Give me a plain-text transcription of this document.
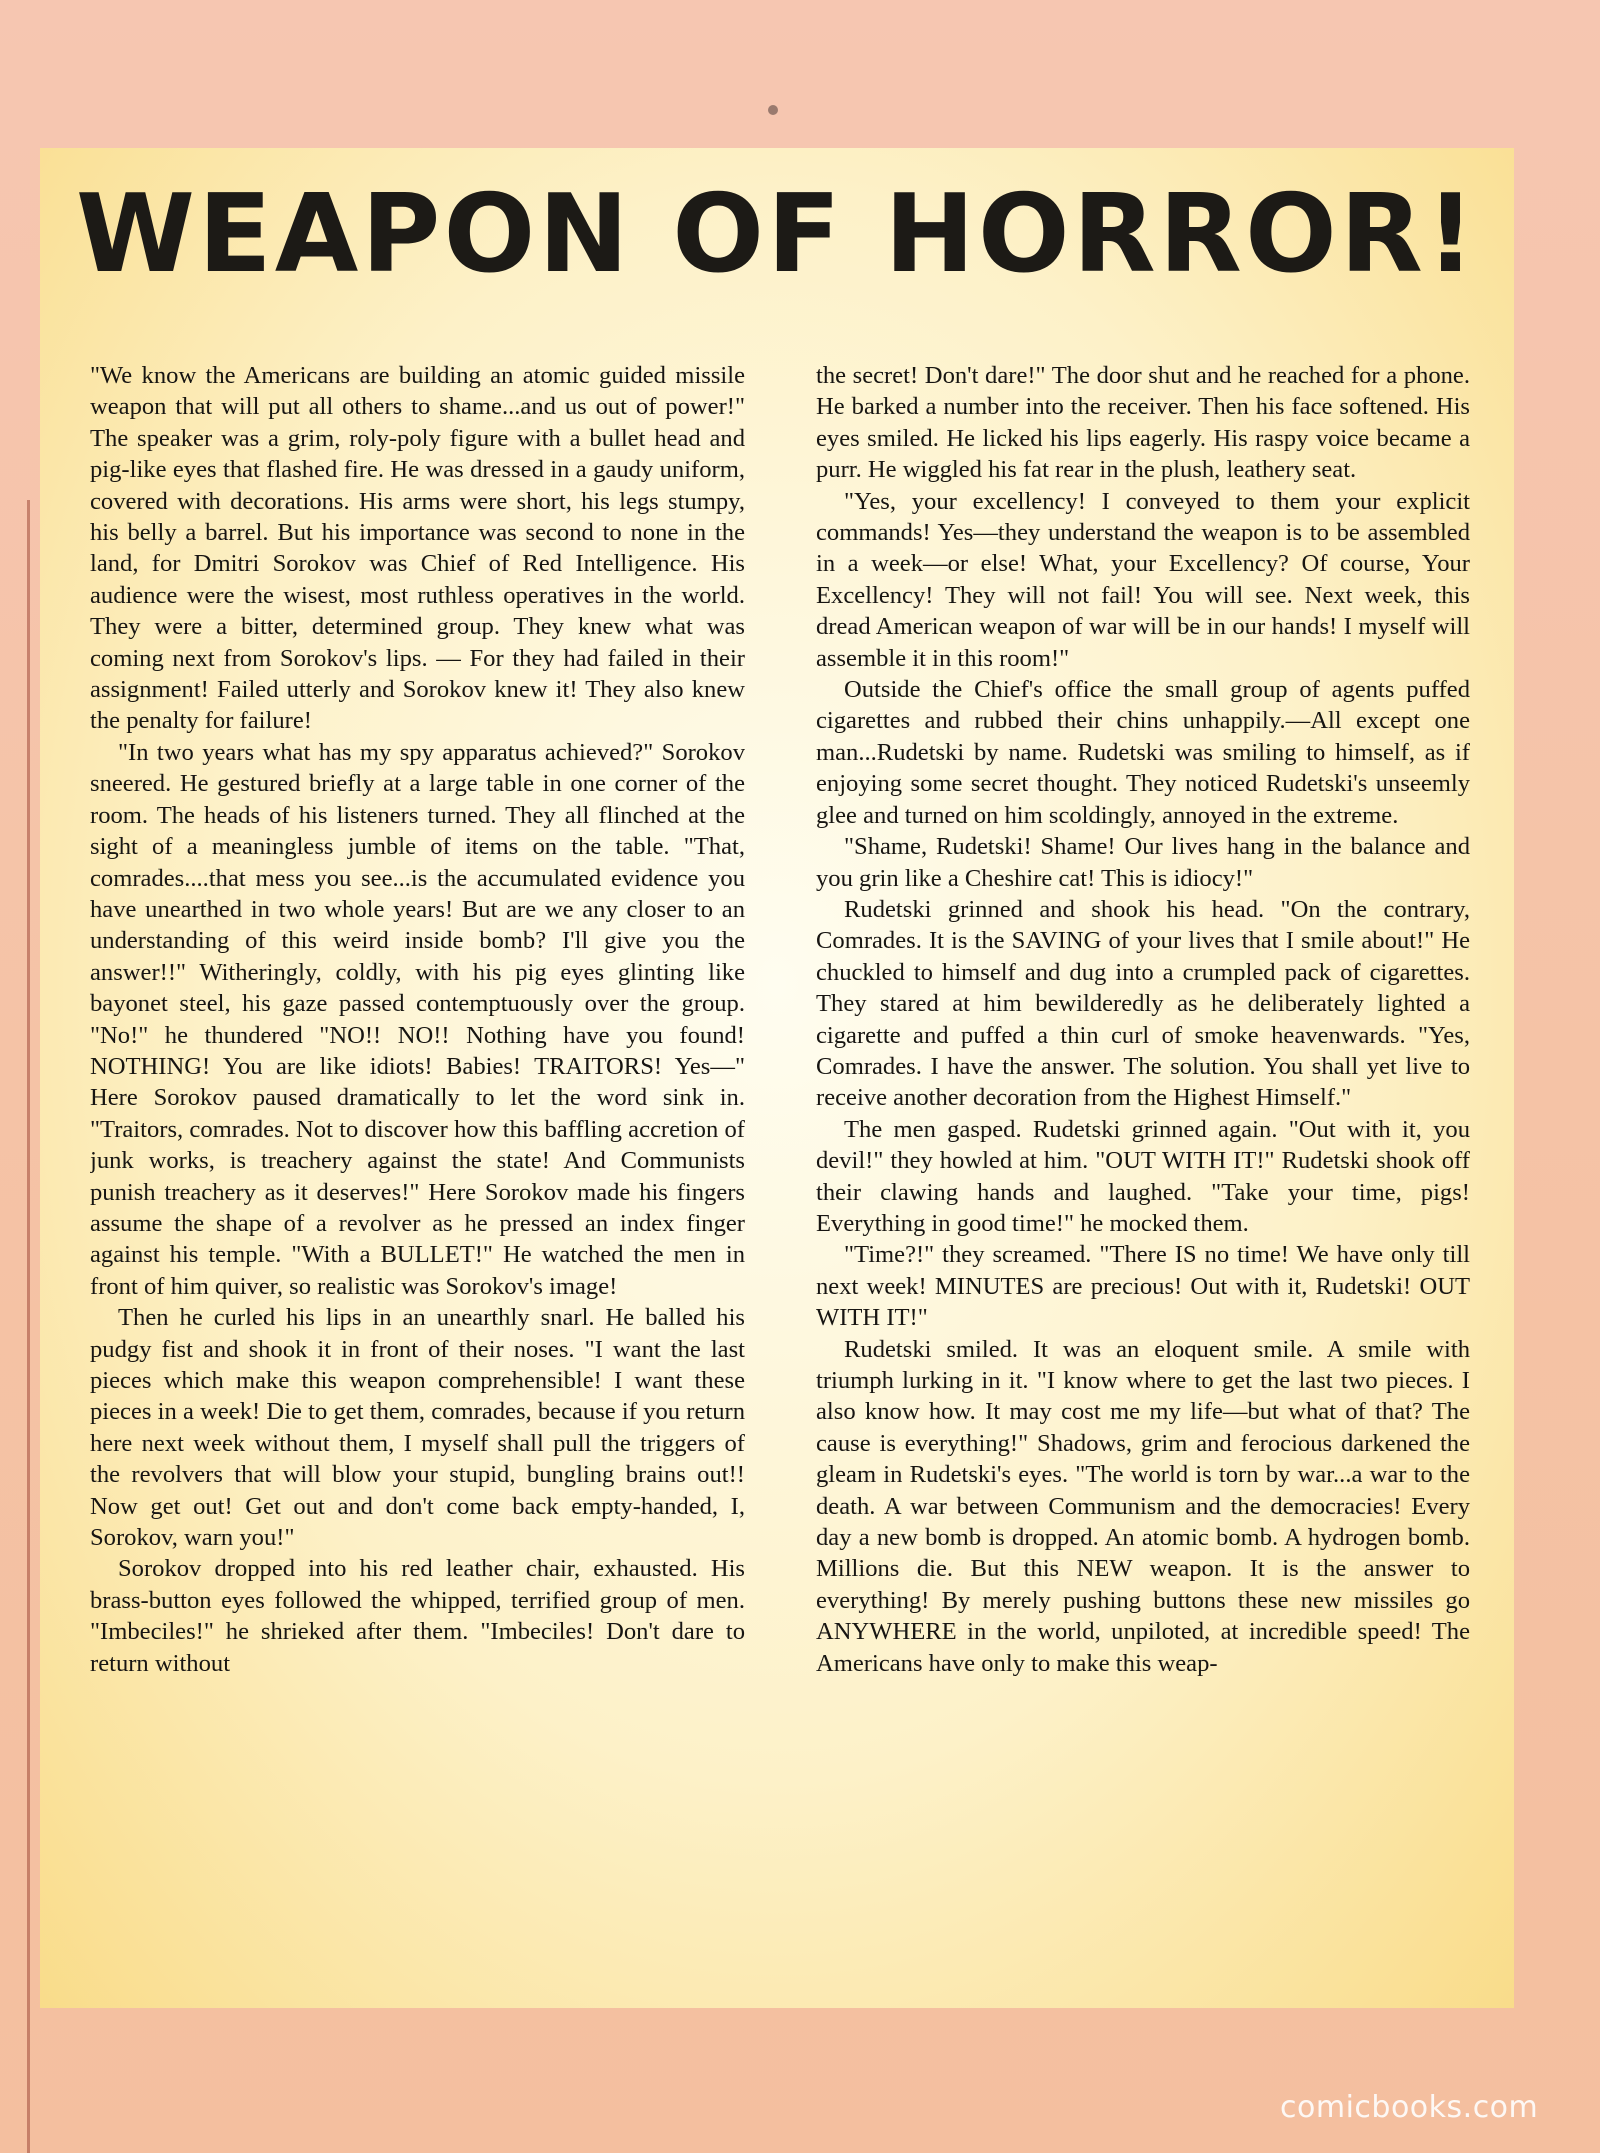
WEAPON OF HORROR!

"We know the Americans are building an atomic guided missile weapon that will put all others to shame...and us out of power!" The speaker was a grim, roly-poly figure with a bullet head and pig-like eyes that flashed fire. He was dressed in a gaudy uniform, covered with decorations. His arms were short, his legs stumpy, his belly a barrel. But his importance was second to none in the land, for Dmitri Sorokov was Chief of Red Intelligence. His audience were the wisest, most ruthless operatives in the world. They were a bitter, determined group. They knew what was coming next from Sorokov's lips. — For they had failed in their assignment! Failed utterly and Sorokov knew it! They also knew the penalty for failure!

"In two years what has my spy apparatus achieved?" Sorokov sneered. He gestured briefly at a large table in one corner of the room. The heads of his listeners turned. They all flinched at the sight of a meaningless jumble of items on the table. "That, comrades....that mess you see...is the accumulated evidence you have unearthed in two whole years! But are we any closer to an understanding of this weird inside bomb? I'll give you the answer!!" Witheringly, coldly, with his pig eyes glinting like bayonet steel, his gaze passed contemptuously over the group. "No!" he thundered "NO!! NO!! Nothing have you found! NOTHING! You are like idiots! Babies! TRAITORS! Yes—" Here Sorokov paused dramatically to let the word sink in. "Traitors, comrades. Not to discover how this baffling accretion of junk works, is treachery against the state! And Communists punish treachery as it deserves!" Here Sorokov made his fingers assume the shape of a revolver as he pressed an index finger against his temple. "With a BULLET!" He watched the men in front of him quiver, so realistic was Sorokov's image!

Then he curled his lips in an unearthly snarl. He balled his pudgy fist and shook it in front of their noses. "I want the last pieces which make this weapon comprehensible! I want these pieces in a week! Die to get them, comrades, because if you return here next week without them, I myself shall pull the triggers of the revolvers that will blow your stupid, bungling brains out!! Now get out! Get out and don't come back empty-handed, I, Sorokov, warn you!"

Sorokov dropped into his red leather chair, exhausted. His brass-button eyes followed the whipped, terrified group of men. "Imbeciles!" he shrieked after them. "Imbeciles! Don't dare to return without

the secret! Don't dare!" The door shut and he reached for a phone. He barked a number into the receiver. Then his face softened. His eyes smiled. He licked his lips eagerly. His raspy voice became a purr. He wiggled his fat rear in the plush, leathery seat.

"Yes, your excellency! I conveyed to them your explicit commands! Yes—they understand the weapon is to be assembled in a week—or else! What, your Excellency? Of course, Your Excellency! They will not fail! You will see. Next week, this dread American weapon of war will be in our hands! I myself will assemble it in this room!"

Outside the Chief's office the small group of agents puffed cigarettes and rubbed their chins unhappily.—All except one man...Rudetski by name. Rudetski was smiling to himself, as if enjoying some secret thought. They noticed Rudetski's unseemly glee and turned on him scoldingly, annoyed in the extreme.

"Shame, Rudetski! Shame! Our lives hang in the balance and you grin like a Cheshire cat! This is idiocy!"

Rudetski grinned and shook his head. "On the contrary, Comrades. It is the SAVING of your lives that I smile about!" He chuckled to himself and dug into a crumpled pack of cigarettes. They stared at him bewilderedly as he deliberately lighted a cigarette and puffed a thin curl of smoke heavenwards. "Yes, Comrades. I have the answer. The solution. You shall yet live to receive another decoration from the Highest Himself."

The men gasped. Rudetski grinned again. "Out with it, you devil!" they howled at him. "OUT WITH IT!" Rudetski shook off their clawing hands and laughed. "Take your time, pigs! Everything in good time!" he mocked them.

"Time?!" they screamed. "There IS no time! We have only till next week! MINUTES are precious! Out with it, Rudetski! OUT WITH IT!"

Rudetski smiled. It was an eloquent smile. A smile with triumph lurking in it. "I know where to get the last two pieces. I also know how. It may cost me my life—but what of that? The cause is everything!" Shadows, grim and ferocious darkened the gleam in Rudetski's eyes. "The world is torn by war...a war to the death. A war between Communism and the democracies! Every day a new bomb is dropped. An atomic bomb. A hydrogen bomb. Millions die. But this NEW weapon. It is the answer to everything! By merely pushing buttons these new missiles go ANYWHERE in the world, unpiloted, at incredible speed! The Americans have only to make this weap-

comicbooks.com
